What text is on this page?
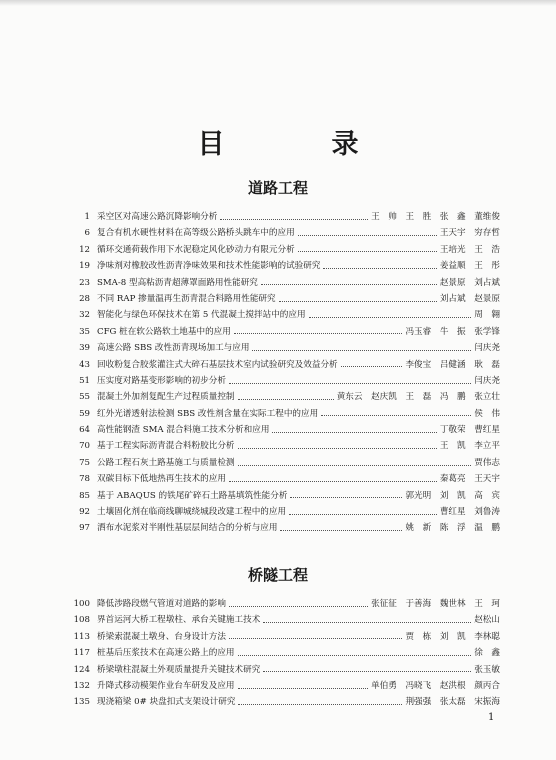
目　录
道路工程
1 采空区对高速公路沉降影响分析	王　帅　王　胜　张　鑫　董维俊
6 复合有机水硬性材料在高等级公路桥头跳车中的应用	王天宇　穷存哲
12 循环交通荷载作用下水泥稳定风化砂动力有限元分析	王培光　王　浩
19 净味剂对橡胶改性沥青净味效果和技术性能影响的试验研究	姜益顺　王　彤
23 SMA-8 型高粘沥青超薄罩面路用性能研究	赵景原　刘占斌
28 不同 RAP 掺量温再生沥青混合料路用性能研究	刘占斌　赵景原
32 智能化与绿色环保技术在第 5 代混凝土搅拌站中的应用	周　翱
35 CFG 桩在软公路软土地基中的应用	冯玉睿　牛　振　张学锋
39 高速公路 SBS 改性沥青现场加工与应用	闫庆尧
43 回收粉复合胶浆灌注式大碎石基层技术室内试验研究及效益分析	李俊宝　吕健涵　耿　磊
51 压实度对路基变形影响的初步分析	闫庆尧
55 混凝土外加剂复配生产过程质量控制	黄东云　赵庆凯　王　磊　冯　鹏　张立壮
59 红外光谱透射法检测 SBS 改性剂含量在实际工程中的应用	侯　伟
64 高性能钢渣 SMA 混合料施工技术分析和应用	丁敬荣　曹红星
70 基于工程实际沥青混合料粉胶比分析	王　凯　李立平
75 公路工程石灰土路基施工与质量检测	贾伟志
78 双碳目标下低地热再生技术的应用	秦葛亮　王天宇
85 基于 ABAQUS 的铁尾矿碎石土路基填筑性能分析	郭光明　刘　凯　高　宾
92 土壤固化剂在临商线聊城绕城段改建工程中的应用	曹红星　刘鲁涛
97 洒布水泥浆对半刚性基层层间结合的分析与应用	姚　新　陈　浮　温　鹏
桥隧工程
100 降低涉路段燃气管道对道路的影响	张征征　于善海　魏世林　王　珂
108 界首运河大桥工程墩柱、承台关键施工技术	赵松山
113 桥梁索混凝土墩身、台身设计方法	贾　栋　刘　凯　李林聪
117 桩基后压浆技术在高速公路上的应用	徐　鑫
124 桥梁墩柱混凝土外观质量提升关键技术研究	张玉敏
132 升降式移动模架作业台车研发及应用	单伯勇　冯晓飞　赵洪根　颜丙合
135 现浇箱梁 0# 块盘扣式支架设计研究	荆强强　张太磊　宋振海
1
